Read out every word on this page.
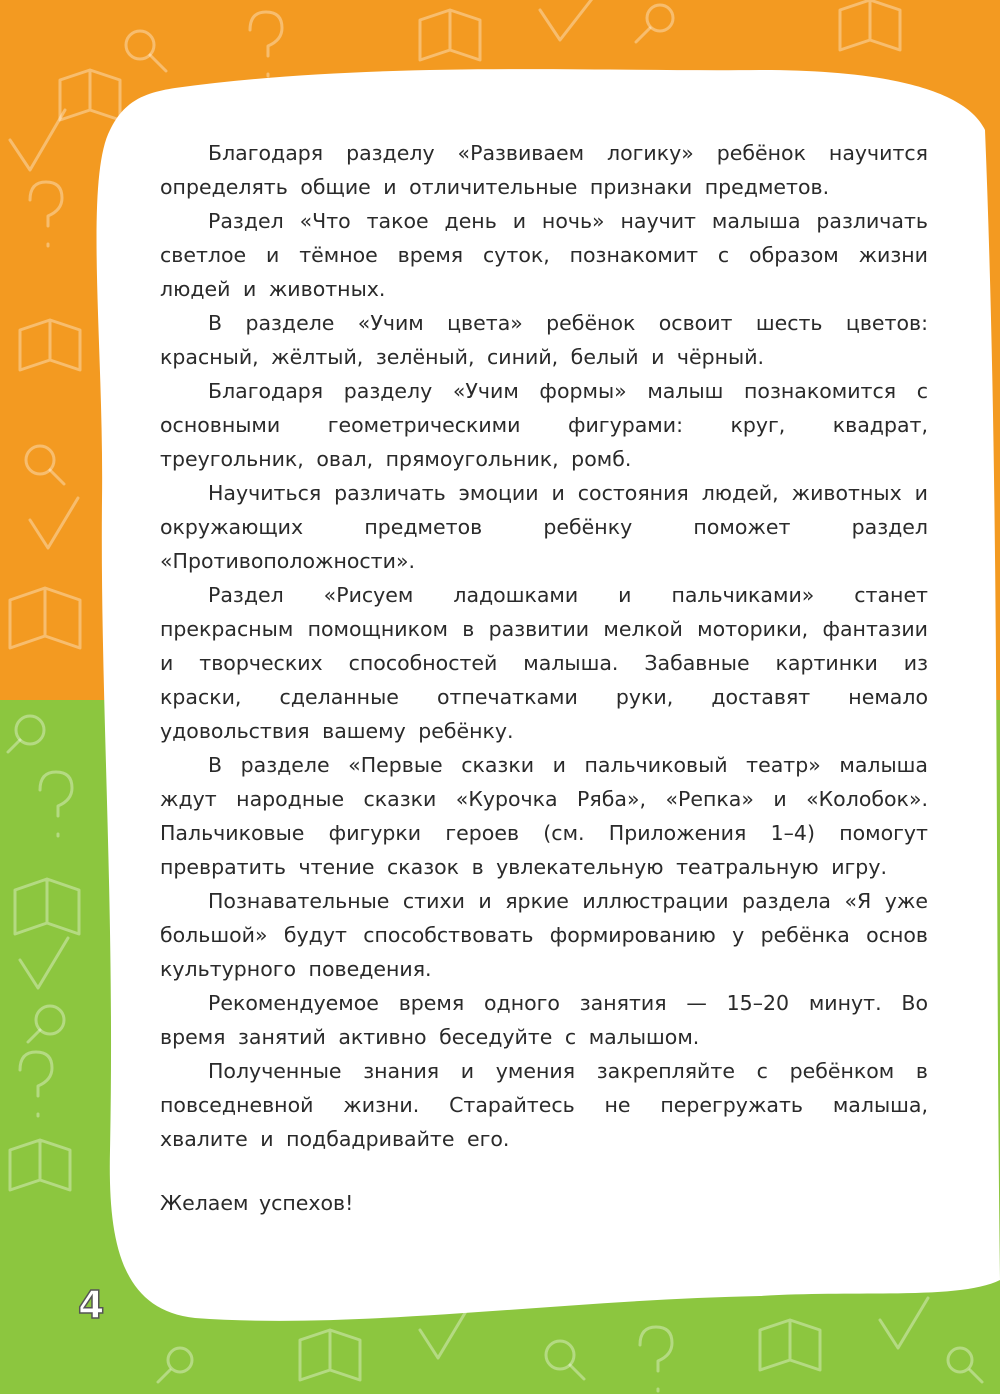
Благодаря разделу «Развиваем логику» ребёнок научится определять общие и отличительные признаки предметов.

Раздел «Что такое день и ночь» научит малыша различать светлое и тёмное время суток, познакомит с образом жизни людей и животных.

В разделе «Учим цвета» ребёнок освоит шесть цветов: красный, жёлтый, зелёный, синий, белый и чёрный.

Благодаря разделу «Учим формы» малыш познакомится с основными геометрическими фигурами: круг, квадрат, треугольник, овал, прямоугольник, ромб.

Научиться различать эмоции и состояния людей, животных и окружающих предметов ребёнку поможет раздел «Противоположности».

Раздел «Рисуем ладошками и пальчиками» станет прекрасным помощником в развитии мелкой моторики, фантазии и творческих способностей малыша. Забавные картинки из краски, сделанные отпечатками руки, доставят немало удовольствия вашему ребёнку.

В разделе «Первые сказки и пальчиковый театр» малыша ждут народные сказки «Курочка Ряба», «Репка» и «Колобок». Пальчиковые фигурки героев (см. Приложения 1–4) помогут превратить чтение сказок в увлекательную театральную игру.

Познавательные стихи и яркие иллюстрации раздела «Я уже большой» будут способствовать формированию у ребёнка основ культурного поведения.

Рекомендуемое время одного занятия — 15–20 минут. Во время занятий активно беседуйте с малышом.

Полученные знания и умения закрепляйте с ребёнком в повседневной жизни. Старайтесь не перегружать малыша, хвалите и подбадривайте его.

Желаем успехов!

4
